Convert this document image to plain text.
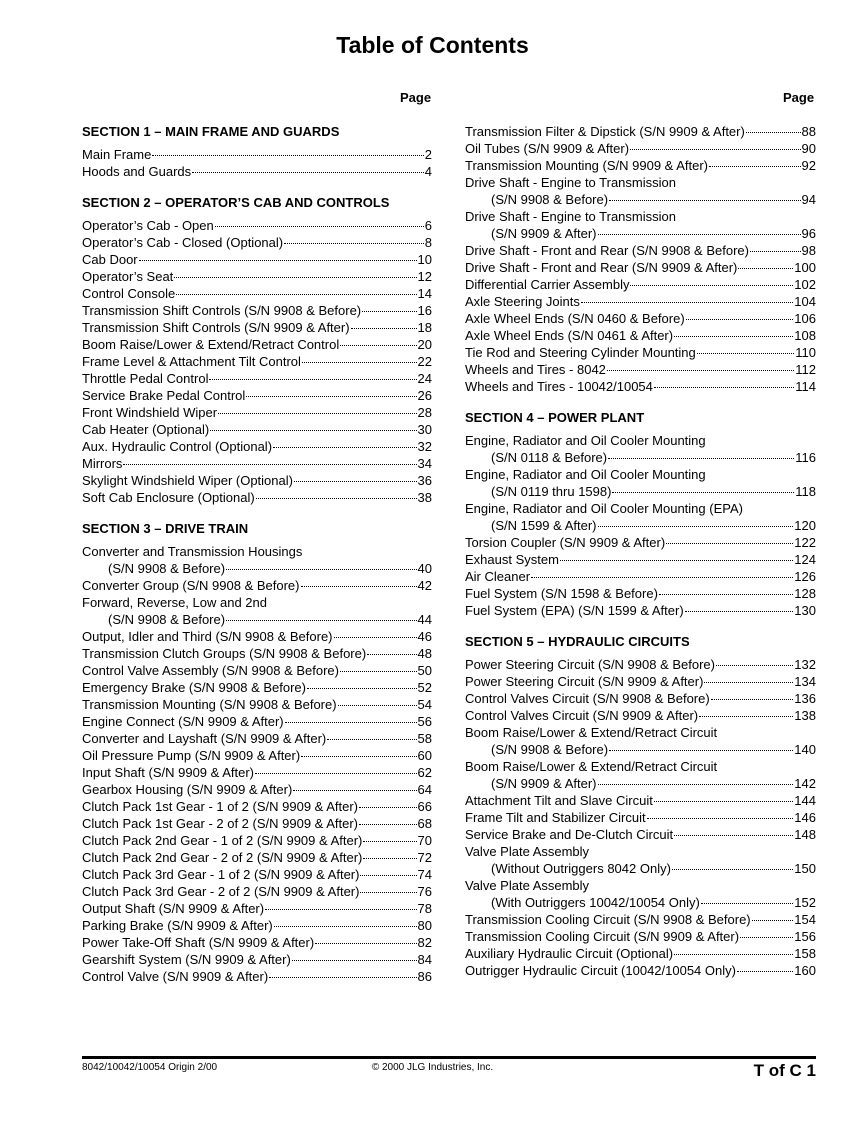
Table of Contents
Page	Page
SECTION 1 – MAIN FRAME AND GUARDS
Main Frame	2
Hoods and Guards	4
SECTION 2 – OPERATOR’S CAB AND CONTROLS
Operator’s Cab - Open	6
Operator’s Cab - Closed (Optional)	8
Cab Door	10
Operator’s Seat	12
Control Console	14
Transmission Shift Controls (S/N 9908 & Before)	16
Transmission Shift Controls (S/N 9909 & After)	18
Boom Raise/Lower & Extend/Retract Control	20
Frame Level & Attachment Tilt Control	22
Throttle Pedal Control	24
Service Brake Pedal Control	26
Front Windshield Wiper	28
Cab Heater (Optional)	30
Aux. Hydraulic Control (Optional)	32
Mirrors	34
Skylight Windshield Wiper (Optional)	36
Soft Cab Enclosure (Optional)	38
SECTION 3 – DRIVE TRAIN
Converter and Transmission Housings
(S/N 9908 & Before)	40
Converter Group (S/N 9908 & Before)	42
Forward, Reverse, Low and 2nd
(S/N 9908 & Before)	44
Output, Idler and Third (S/N 9908 & Before)	46
Transmission Clutch Groups (S/N 9908 & Before)	48
Control Valve Assembly (S/N 9908 & Before)	50
Emergency Brake (S/N 9908 & Before)	52
Transmission Mounting (S/N 9908 & Before)	54
Engine Connect (S/N 9909 & After)	56
Converter and Layshaft (S/N 9909 & After)	58
Oil Pressure Pump (S/N 9909 & After)	60
Input Shaft (S/N 9909 & After)	62
Gearbox Housing (S/N 9909 & After)	64
Clutch Pack 1st Gear - 1 of 2 (S/N 9909 & After)	66
Clutch Pack 1st Gear - 2 of 2 (S/N 9909 & After)	68
Clutch Pack 2nd Gear - 1 of 2 (S/N 9909 & After)	70
Clutch Pack 2nd Gear - 2 of 2 (S/N 9909 & After)	72
Clutch Pack 3rd Gear - 1 of 2 (S/N 9909 & After)	74
Clutch Pack 3rd Gear - 2 of 2 (S/N 9909 & After)	76
Output Shaft (S/N 9909 & After)	78
Parking Brake (S/N 9909 & After)	80
Power Take-Off Shaft (S/N 9909 & After)	82
Gearshift System (S/N 9909 & After)	84
Control Valve (S/N 9909 & After)	86
Transmission Filter & Dipstick (S/N 9909 & After)	88
Oil Tubes (S/N 9909 & After)	90
Transmission Mounting (S/N 9909 & After)	92
Drive Shaft - Engine to Transmission
(S/N 9908 & Before)	94
Drive Shaft - Engine to Transmission
(S/N 9909 & After)	96
Drive Shaft - Front and Rear (S/N 9908 & Before)	98
Drive Shaft - Front and Rear (S/N 9909 & After)	100
Differential Carrier Assembly	102
Axle Steering Joints	104
Axle Wheel Ends (S/N 0460 & Before)	106
Axle Wheel Ends (S/N 0461 & After)	108
Tie Rod and Steering Cylinder Mounting	110
Wheels and Tires - 8042	112
Wheels and Tires - 10042/10054	114
SECTION 4 – POWER PLANT
Engine, Radiator and Oil Cooler Mounting
(S/N 0118 & Before)	116
Engine, Radiator and Oil Cooler Mounting
(S/N 0119 thru 1598)	118
Engine, Radiator and Oil Cooler Mounting (EPA)
(S/N 1599 & After)	120
Torsion Coupler (S/N 9909 & After)	122
Exhaust System	124
Air Cleaner	126
Fuel System (S/N 1598 & Before)	128
Fuel System (EPA) (S/N 1599 & After)	130
SECTION 5 – HYDRAULIC CIRCUITS
Power Steering Circuit (S/N 9908 & Before)	132
Power Steering Circuit (S/N 9909 & After)	134
Control Valves Circuit (S/N 9908 & Before)	136
Control Valves Circuit (S/N 9909 & After)	138
Boom Raise/Lower & Extend/Retract Circuit
(S/N 9908 & Before)	140
Boom Raise/Lower & Extend/Retract Circuit
(S/N 9909 & After)	142
Attachment Tilt and Slave Circuit	144
Frame Tilt and Stabilizer Circuit	146
Service Brake and De-Clutch Circuit	148
Valve Plate Assembly
(Without Outriggers 8042 Only)	150
Valve Plate Assembly
(With Outriggers 10042/10054 Only)	152
Transmission Cooling Circuit (S/N 9908 & Before)	154
Transmission Cooling Circuit (S/N 9909 & After)	156
Auxiliary Hydraulic Circuit (Optional)	158
Outrigger Hydraulic Circuit (10042/10054 Only)	160
8042/10042/10054 Origin 2/00	© 2000 JLG Industries, Inc.	T of C 1
